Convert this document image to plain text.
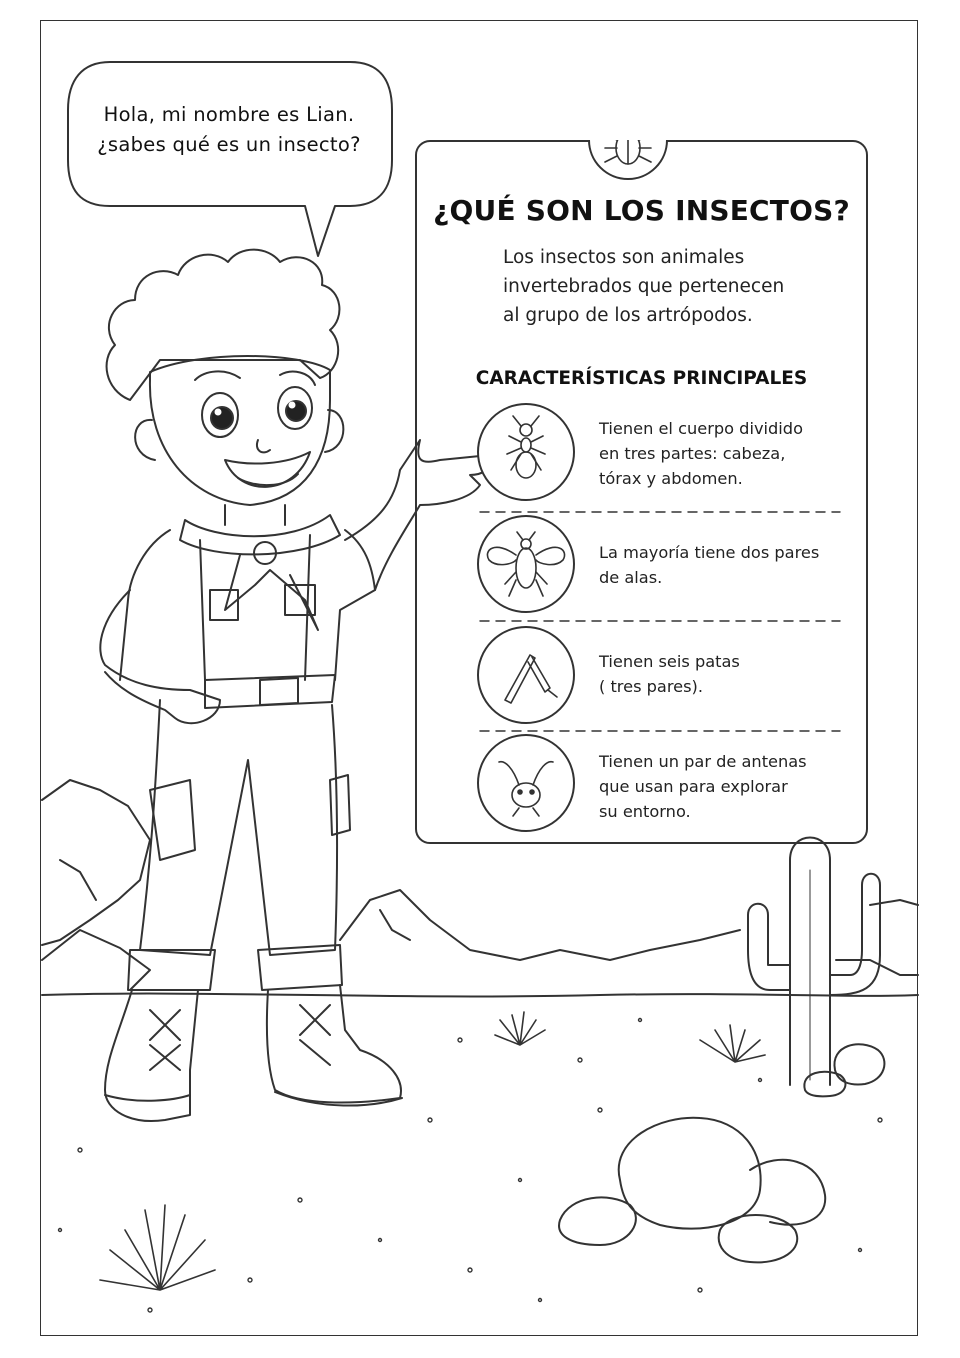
Hola, mi nombre es Lian.
¿sabes qué es un insecto?
¿QUÉ SON LOS INSECTOS?
Los insectos son animales
invertebrados que pertenecen
al grupo de los artrópodos.
CARACTERÍSTICAS PRINCIPALES
Tienen el cuerpo dividido
en tres partes: cabeza,
tórax y abdomen.
La mayoría tiene dos pares
de alas.
Tienen seis patas
( tres pares).
Tienen un par de antenas
que usan para explorar
su entorno.
